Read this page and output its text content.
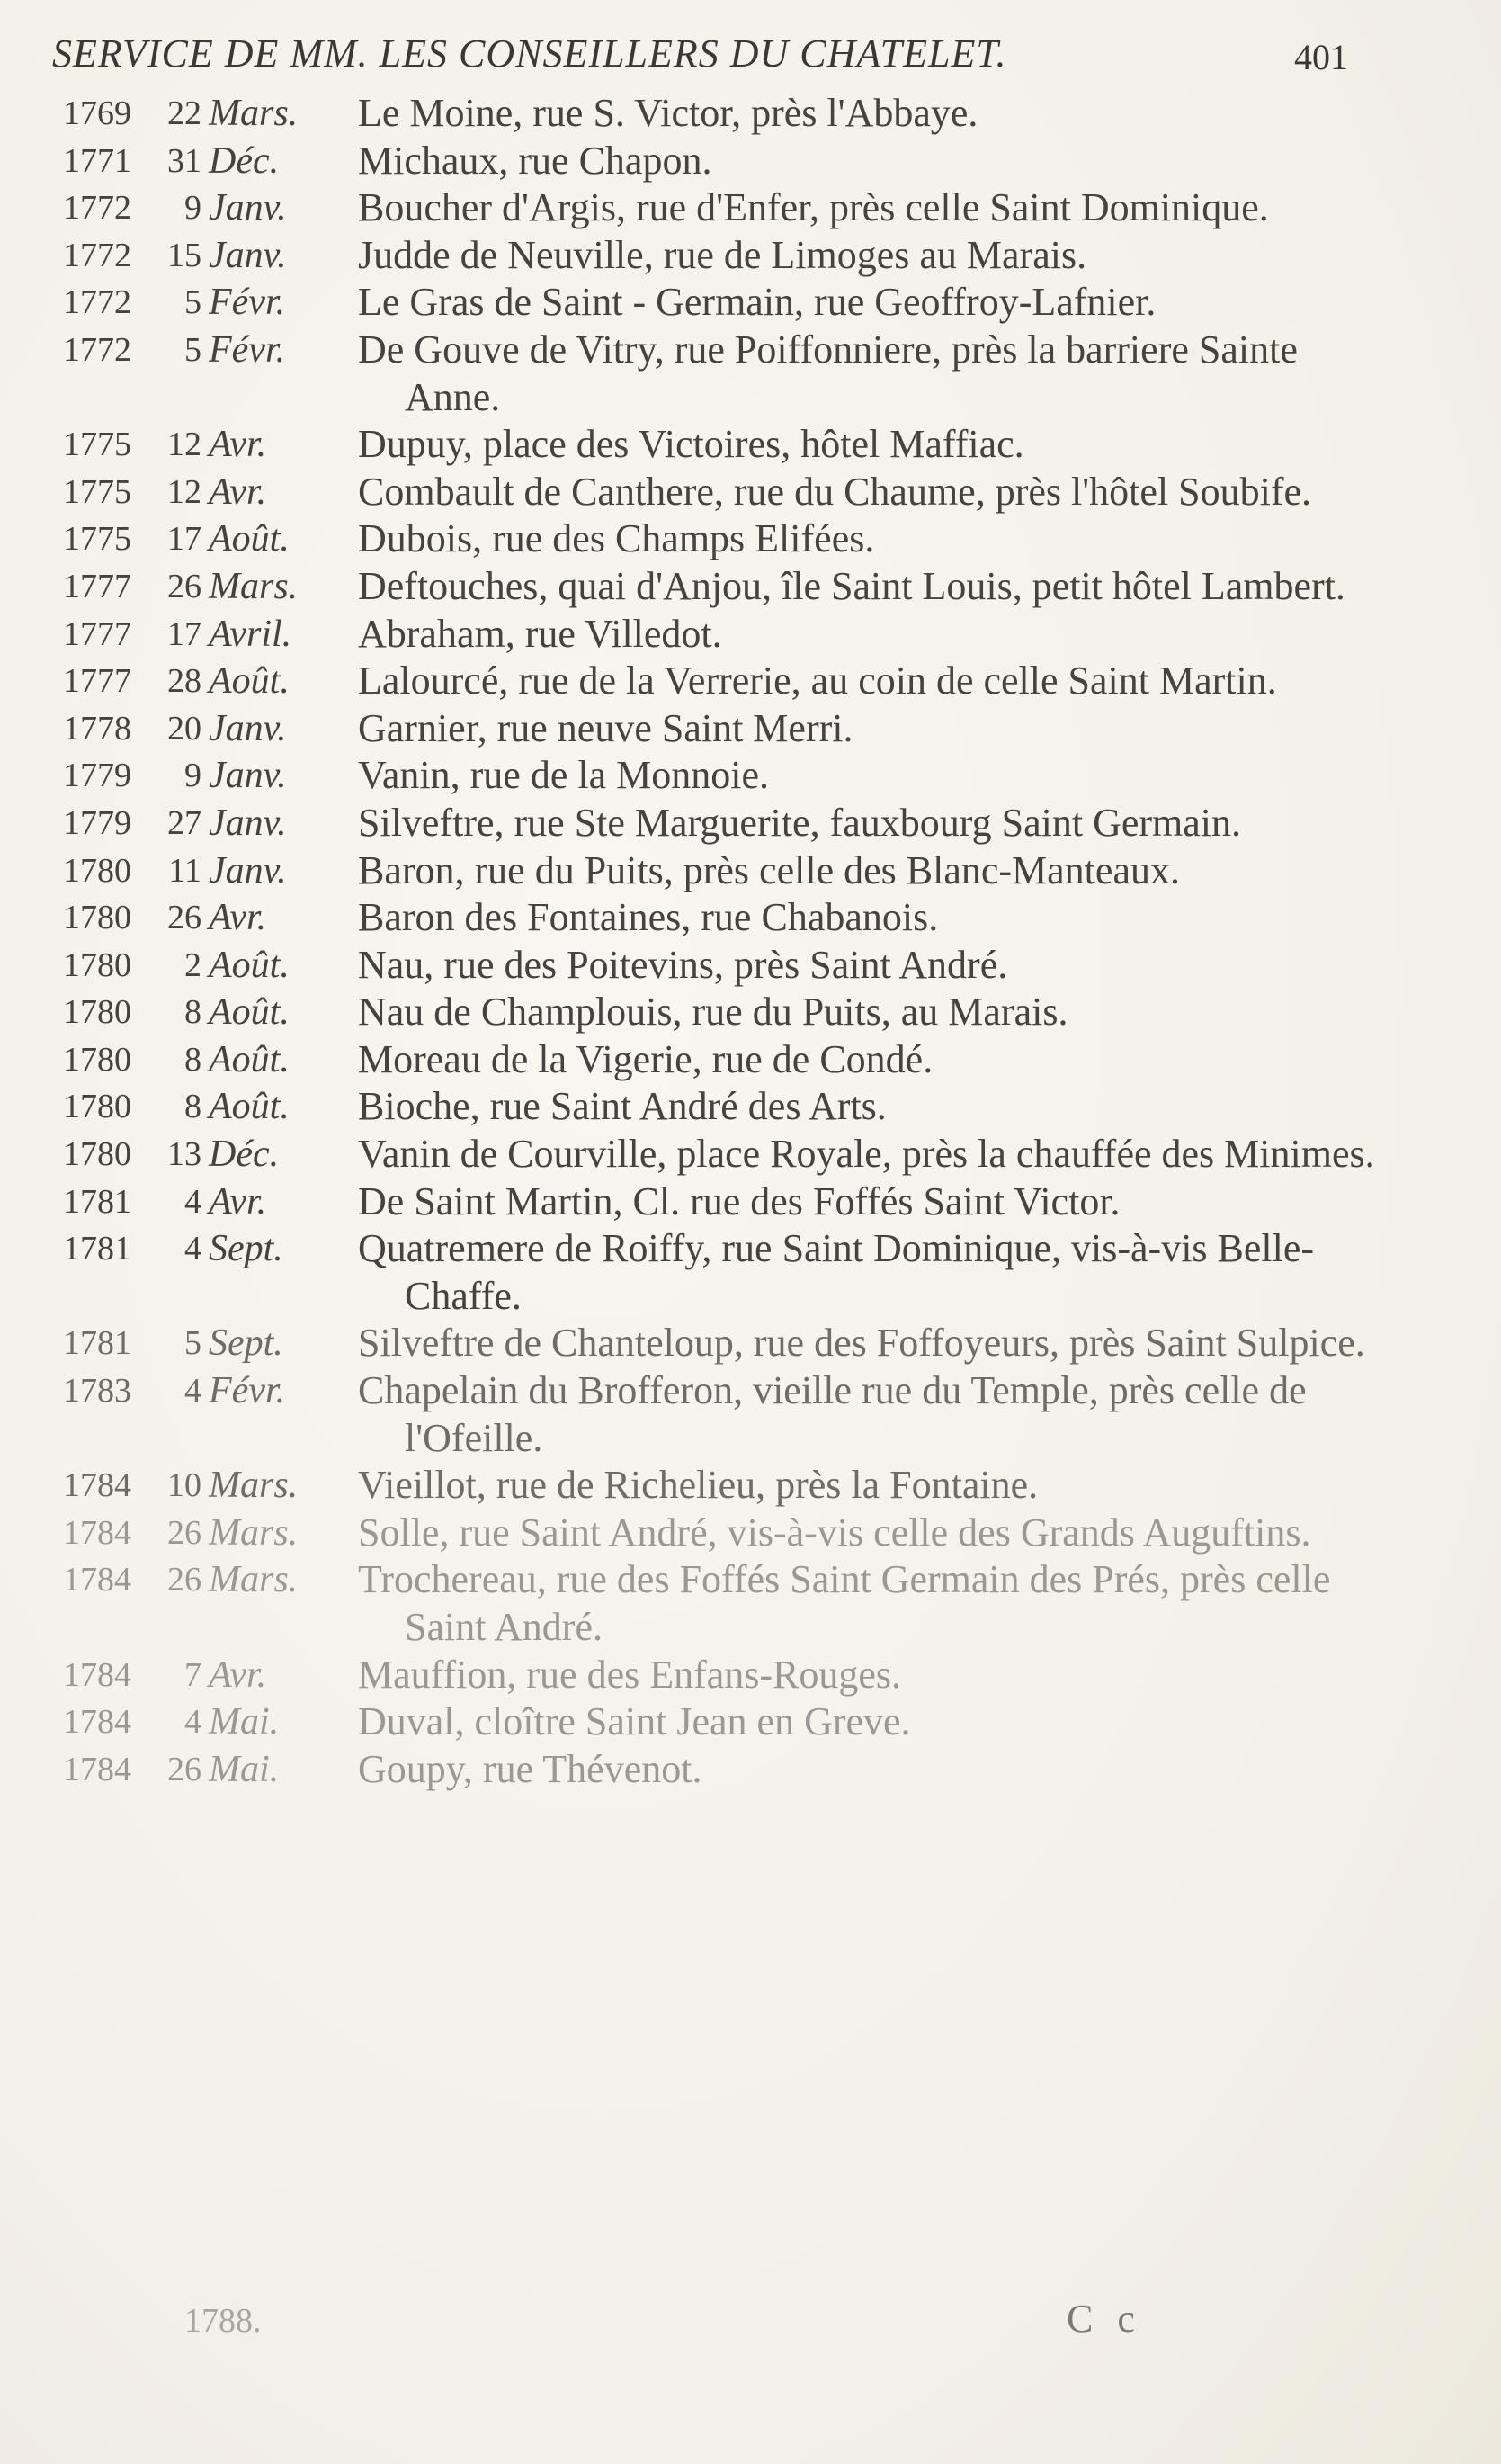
SERVICE DE MM. LES CONSEILLERS DU CHATELET.	401
1769	22 Mars. Le Moine, rue S. Victor, près l'Abbaye.
1771	31 Déc. Michaux, rue Chapon.
1772	9 Janv. Boucher d'Argis, rue d'Enfer, près celle Saint Dominique.
1772	15 Janv. Judde de Neuville, rue de Limoges au Marais.
1772	5 Févr. Le Gras de Saint - Germain, rue Geoffroy-Lafnier.
1772	5 Févr. De Gouve de Vitry, rue Poiffonniere, près la barriere Sainte Anne.
1775	12 Avr. Dupuy, place des Victoires, hôtel Maffiac.
1775	12 Avr. Combault de Canthere, rue du Chaume, près l'hôtel Soubife.
1775	17 Août. Dubois, rue des Champs Elifées.
1777	26 Mars. Deftouches, quai d'Anjou, île Saint Louis, petit hôtel Lambert.
1777	17 Avril. Abraham, rue Villedot.
1777	28 Août. Lalourcé, rue de la Verrerie, au coin de celle Saint Martin.
1778	20 Janv. Garnier, rue neuve Saint Merri.
1779	9 Janv. Vanin, rue de la Monnoie.
1779	27 Janv. Silveftre, rue Ste Marguerite, fauxbourg Saint Germain.
1780	11 Janv. Baron, rue du Puits, près celle des Blanc-Manteaux.
1780	26 Avr. Baron des Fontaines, rue Chabanois.
1780	2 Août. Nau, rue des Poitevins, près Saint André.
1780	8 Août. Nau de Champlouis, rue du Puits, au Marais.
1780	8 Août. Moreau de la Vigerie, rue de Condé.
1780	8 Août. Bioche, rue Saint André des Arts.
1780	13 Déc. Vanin de Courville, place Royale, près la chauffée des Minimes.
1781	4 Avr. De Saint Martin, Cl. rue des Foffés Saint Victor.
1781	4 Sept. Quatremere de Roiffy, rue Saint Dominique, vis-à-vis Belle-Chaffe.
1781	5 Sept. Silveftre de Chanteloup, rue des Foffoyeurs, près Saint Sulpice.
1783	4 Févr. Chapelain du Brofferon, vieille rue du Temple, près celle de l'Ofeille.
1784	10 Mars. Vieillot, rue de Richelieu, près la Fontaine.
1784	26 Mars. Solle, rue Saint André, vis-à-vis celle des Grands Auguftins.
1784	26 Mars. Trochereau, rue des Foffés Saint Germain des Prés, près celle Saint André.
1784	7 Avr. Mauffion, rue des Enfans-Rouges.
1784	4 Mai. Duval, cloître Saint Jean en Greve.
1784	26 Mai. Goupy, rue Thévenot.
1788.	C c
